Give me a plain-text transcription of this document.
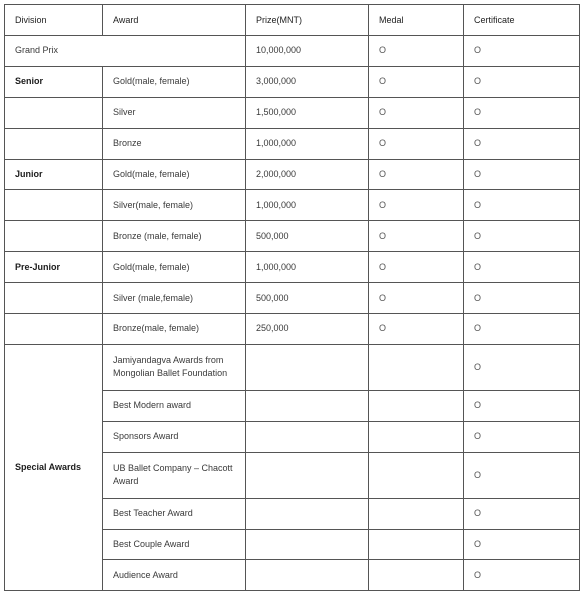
Division	Award	Prize(MNT)	Medal	Certificate
Grand Prix		10,000,000	O	O
Senior	Gold(male, female)	3,000,000	O	O
	Silver	1,500,000	O	O
	Bronze	1,000,000	O	O
Junior	Gold(male, female)	2,000,000	O	O
	Silver(male, female)	1,000,000	O	O
	Bronze (male, female)	500,000	O	O
Pre-Junior	Gold(male, female)	1,000,000	O	O
	Silver (male,female)	500,000	O	O
	Bronze(male, female)	250,000	O	O
Special Awards	Jamiyandagva Awards from Mongolian Ballet Foundation			O
	Best Modern award			O
	Sponsors Award			O
	UB Ballet Company – Chacott Award			O
	Best Teacher Award			O
	Best Couple Award			O
	Audience Award			O
